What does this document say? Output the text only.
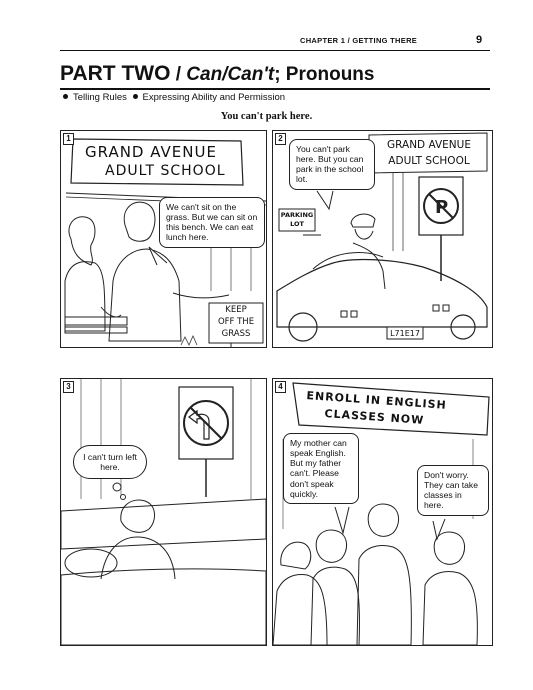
CHAPTER 1 / GETTING THERE	9
PART TWO / Can/Can't; Pronouns
Telling Rules Expressing Ability and Permission
You can't park here.
1
GRAND AVENUE
ADULT SCHOOL
We can't sit on the grass. But we can sit on this bench. We can eat lunch here.
KEEP
OFF THE
GRASS
P
2
You can't park here. But you can park in the school lot.
GRAND AVENUE
ADULT SCHOOL
PARKING
LOT
L71E17
3
I can't turn left here.
4
ENROLL IN ENGLISH
CLASSES NOW
My mother can speak English. But my father can't. Please don't speak quickly.
Don't worry. They can take classes in here.
